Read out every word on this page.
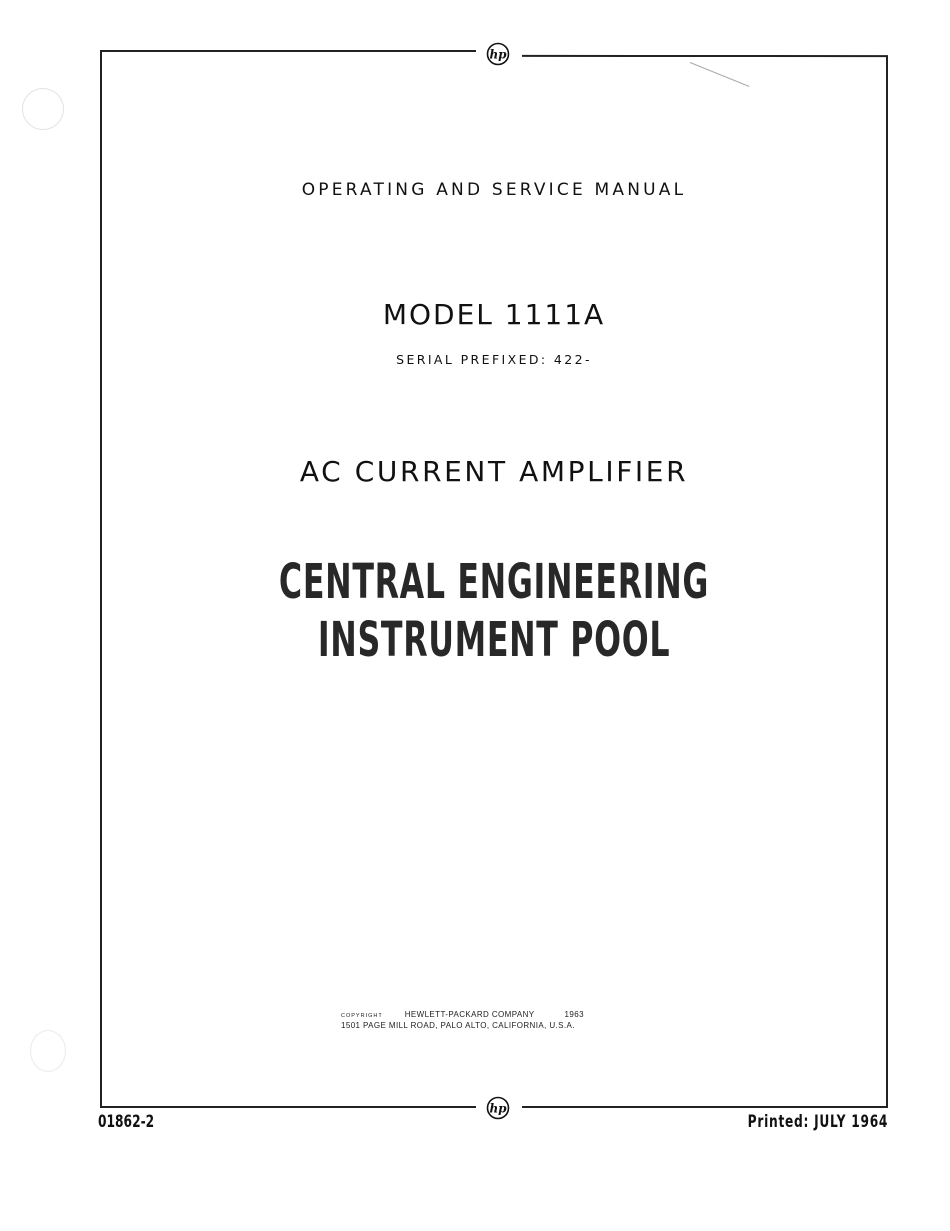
hp
hp
OPERATING AND SERVICE MANUAL
MODEL 1111A
SERIAL PREFIXED: 422-
AC CURRENT AMPLIFIER
CENTRAL ENGINEERING
INSTRUMENT POOL
COPYRIGHT	HEWLETT-PACKARD COMPANY	1963
1501 PAGE MILL ROAD, PALO ALTO, CALIFORNIA, U.S.A.
01862-2	Printed: JULY 1964
